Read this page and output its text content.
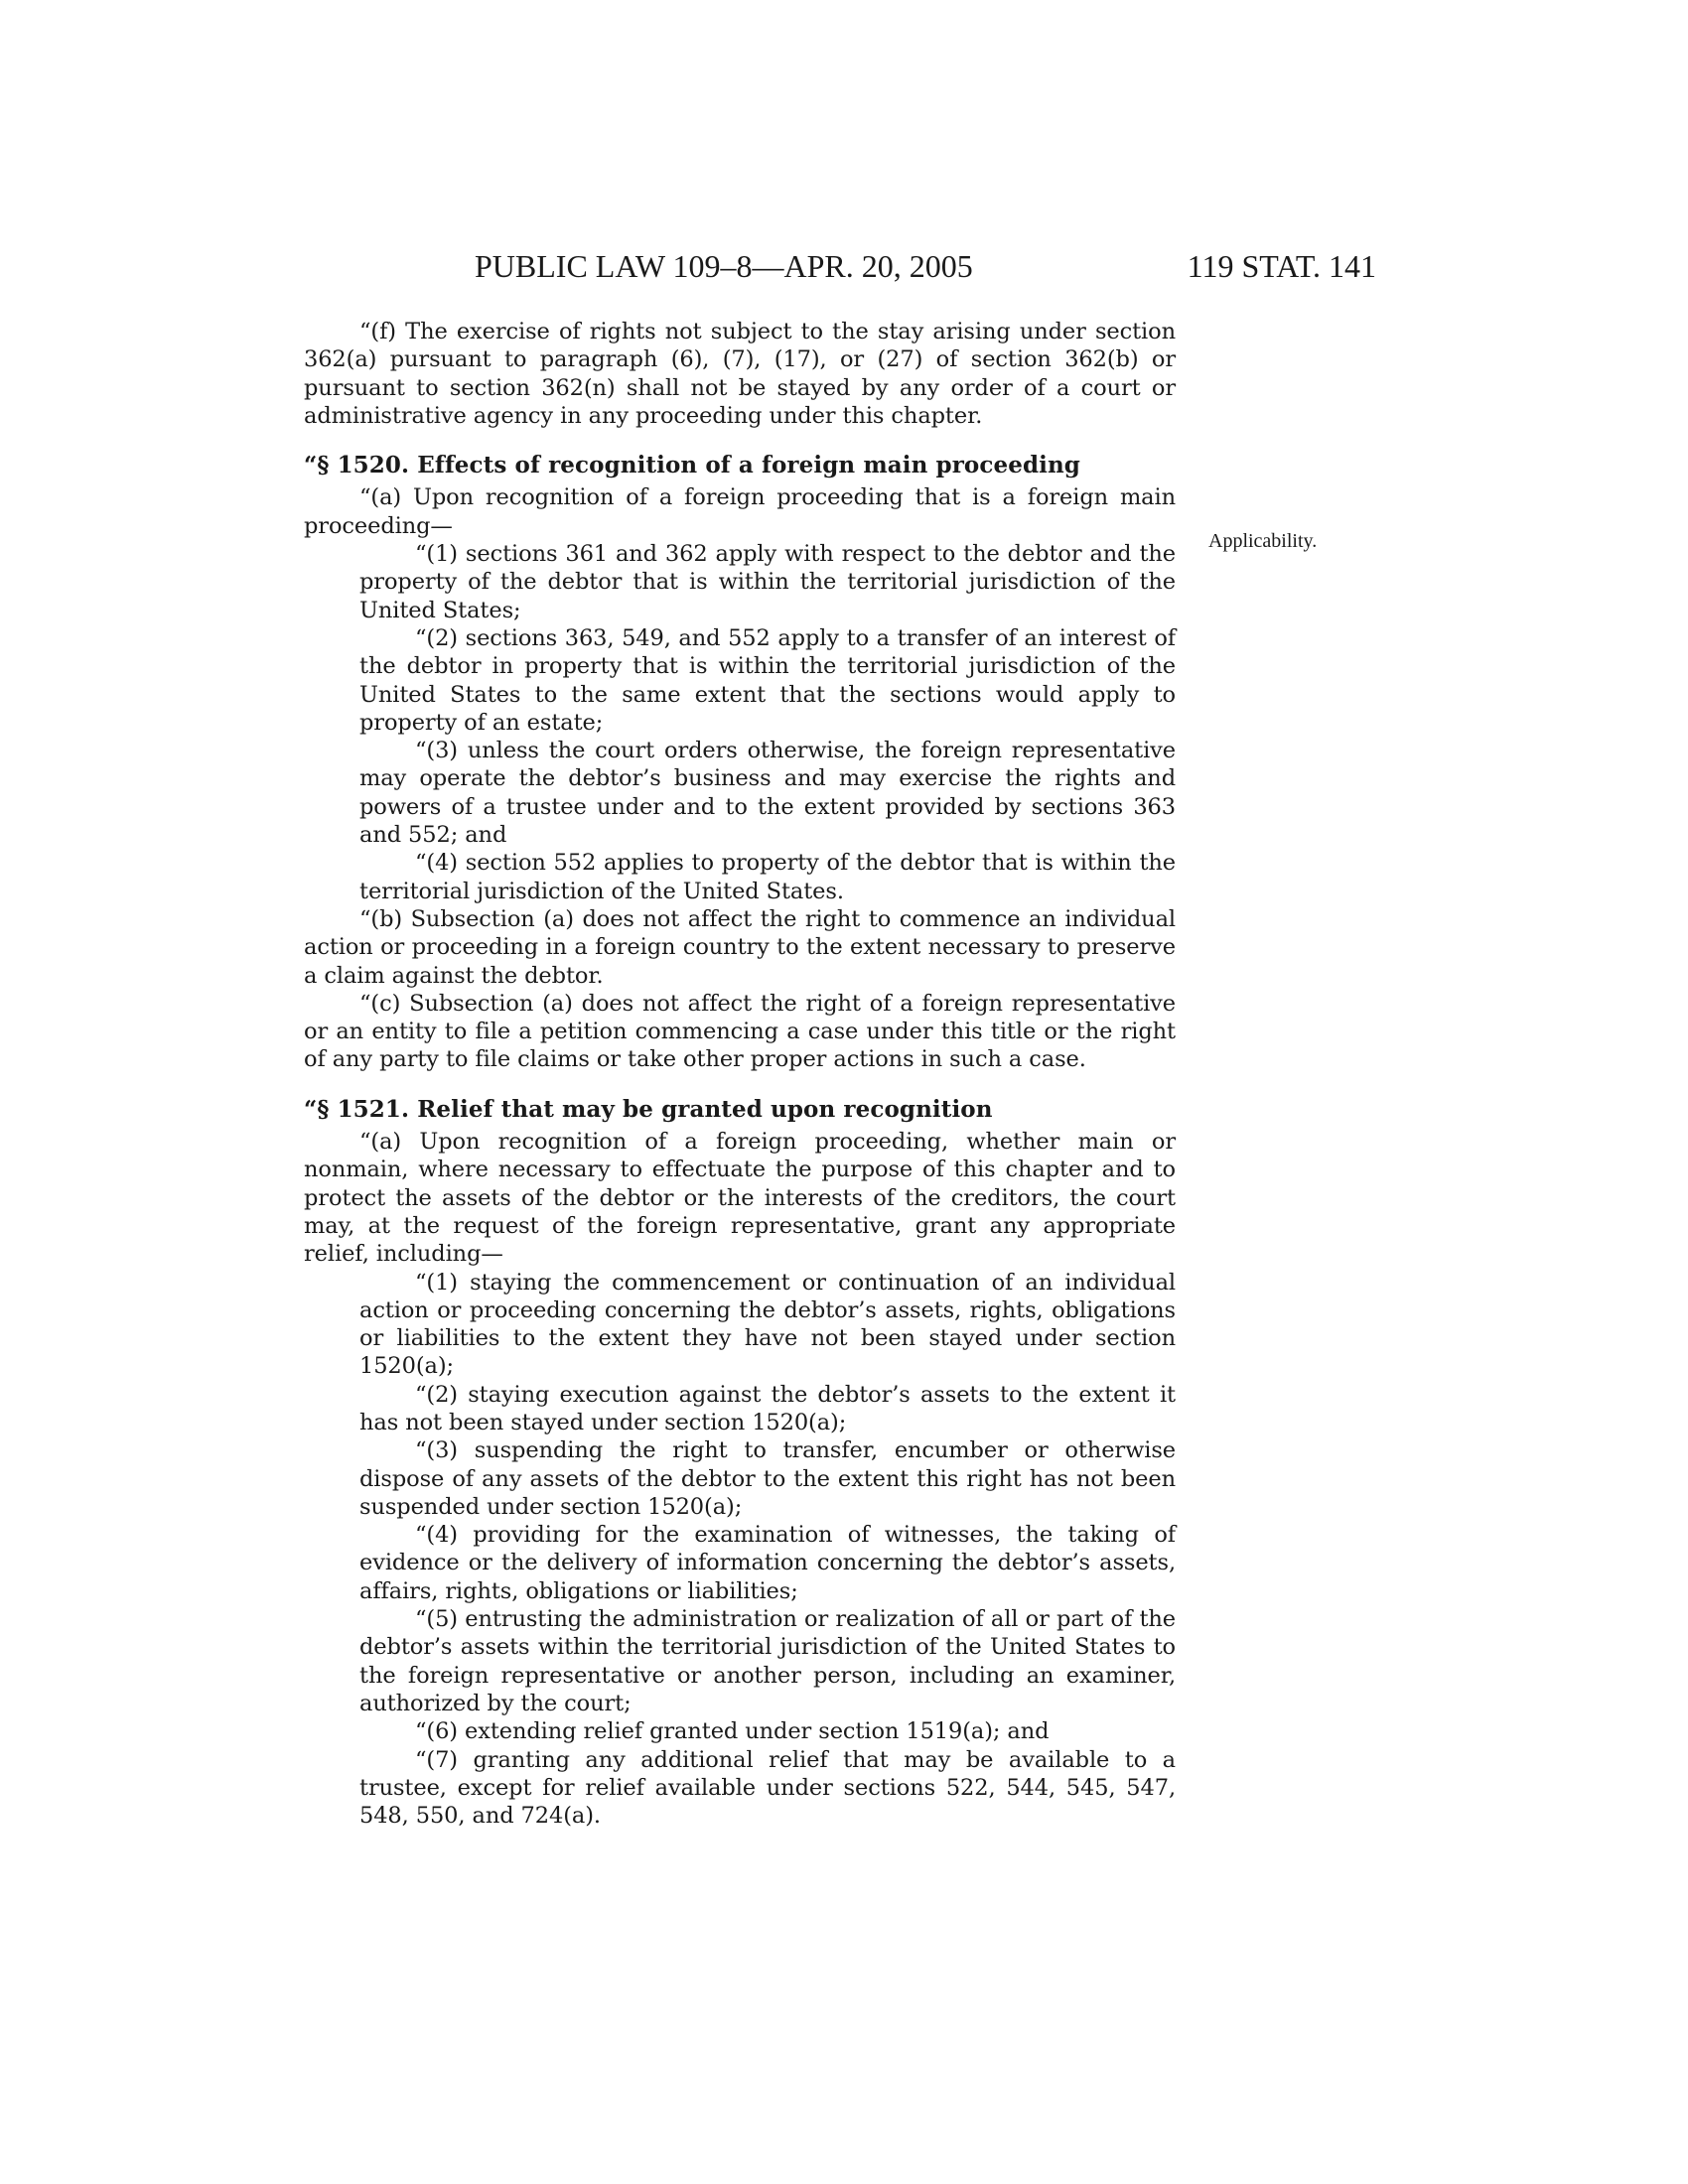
PUBLIC LAW 109–8—APR. 20, 2005	119 STAT. 141
Applicability.

“(f) The exercise of rights not subject to the stay arising under section 362(a) pursuant to paragraph (6), (7), (17), or (27) of section 362(b) or pursuant to section 362(n) shall not be stayed by any order of a court or administrative agency in any proceeding under this chapter.

“§ 1520. Effects of recognition of a foreign main proceeding

“(a) Upon recognition of a foreign proceeding that is a foreign main proceeding—

“(1) sections 361 and 362 apply with respect to the debtor and the property of the debtor that is within the territorial jurisdiction of the United States;

“(2) sections 363, 549, and 552 apply to a transfer of an interest of the debtor in property that is within the territorial jurisdiction of the United States to the same extent that the sections would apply to property of an estate;

“(3) unless the court orders otherwise, the foreign representative may operate the debtor’s business and may exercise the rights and powers of a trustee under and to the extent provided by sections 363 and 552; and

“(4) section 552 applies to property of the debtor that is within the territorial jurisdiction of the United States.

“(b) Subsection (a) does not affect the right to commence an individual action or proceeding in a foreign country to the extent necessary to preserve a claim against the debtor.

“(c) Subsection (a) does not affect the right of a foreign representative or an entity to file a petition commencing a case under this title or the right of any party to file claims or take other proper actions in such a case.

“§ 1521. Relief that may be granted upon recognition

“(a) Upon recognition of a foreign proceeding, whether main or nonmain, where necessary to effectuate the purpose of this chapter and to protect the assets of the debtor or the interests of the creditors, the court may, at the request of the foreign representative, grant any appropriate relief, including—

“(1) staying the commencement or continuation of an individual action or proceeding concerning the debtor’s assets, rights, obligations or liabilities to the extent they have not been stayed under section 1520(a);

“(2) staying execution against the debtor’s assets to the extent it has not been stayed under section 1520(a);

“(3) suspending the right to transfer, encumber or otherwise dispose of any assets of the debtor to the extent this right has not been suspended under section 1520(a);

“(4) providing for the examination of witnesses, the taking of evidence or the delivery of information concerning the debtor’s assets, affairs, rights, obligations or liabilities;

“(5) entrusting the administration or realization of all or part of the debtor’s assets within the territorial jurisdiction of the United States to the foreign representative or another person, including an examiner, authorized by the court;

“(6) extending relief granted under section 1519(a); and

“(7) granting any additional relief that may be available to a trustee, except for relief available under sections 522, 544, 545, 547, 548, 550, and 724(a).
